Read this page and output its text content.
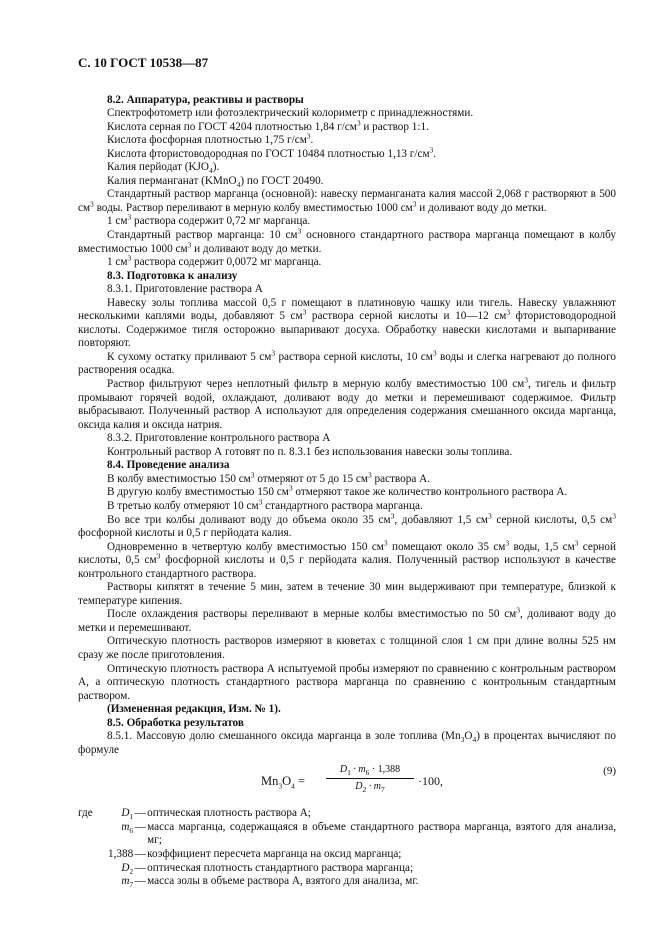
С. 10 ГОСТ 10538—87

8.2. Аппаратура, реактивы и растворы

Спектрофотометр или фотоэлектрический колориметр с принадлежностями.

Кислота серная по ГОСТ 4204 плотностью 1,84 $г/см^3$ и раствор 1:1.

Кислота фосфорная плотностью 1,75 $г/см^3$.

Кислота фтористоводородная по ГОСТ 10484 плотностью 1,13 $г/см^3$.

Калия перйодат $(KJO_4)$.

Калия перманганат (KMnO$_4$) по ГОСТ 20490.

Стандартный раствор марганца (основной): навеску перманганата калия массой 2,068 г растворяют в 500 $см^3$ воды. Раствор переливают в мерную колбу вместимостью 1000 $см^3$ и доливают воду до метки.

1 $см^3$ раствора содержит 0,72 мг марганца.

Стандартный раствор марганца: 10 $см^3$ основного стандартного раствора марганца помещают в колбу вместимостью 1000 $см^3$ и доливают воду до метки.

1 $см^3$ раствора содержит 0,0072 мг марганца.

8.3. Подготовка к анализу

8.3.1. Приготовление раствора А

Навеску золы топлива массой 0,5 г помещают в платиновую чашку или тигель. Навеску увлажняют несколькими каплями воды, добавляют 5 $см^3$ раствора серной кислоты и 10—12 $см^3$ фтористоводородной кислоты. Содержимое тигля осторожно выпаривают досуха. Обработку навески кислотами и выпаривание повторяют.

К сухому остатку приливают 5 $см^3$ раствора серной кислоты, 10 $см^3$ воды и слегка нагревают до полного растворения осадка.

Раствор фильтруют через неплотный фильтр в мерную колбу вместимостью 100 $см^3$, тигель и фильтр промывают горячей водой, охлаждают, доливают воду до метки и перемешивают содержимое. Фильтр выбрасывают. Полученный раствор А используют для определения содержания смешанного оксида марганца, оксида калия и оксида натрия.

8.3.2. Приготовление контрольного раствора А

Контрольный раствор А готовят по п. 8.3.1 без использования навески золы топлива.

8.4. Проведение анализа

В колбу вместимостью 150 $см^3$ отмеряют от 5 до 15 $см^3$ раствора А.

В другую колбу вместимостью 150 $см^3$ отмеряют такое же количество контрольного раствора А.

В третью колбу отмеряют 10 $см^3$ стандартного раствора марганца.

Во все три колбы доливают воду до объема около 35 $см^3$, добавляют 1,5 $см^3$ серной кислоты, 0,5 $см^3$ фосфорной кислоты и 0,5 г перйодата калия.

Одновременно в четвертую колбу вместимостью 150 $см^3$ помещают около 35 $см^3$ воды, 1,5 $см^3$ серной кислоты, 0,5 $см^3$ фосфорной кислоты и 0,5 г перйодата калия. Полученный раствор используют в качестве контрольного стандартного раствора.

Растворы кипятят в течение 5 мин, затем в течение 30 мин выдерживают при температуре, близкой к температуре кипения.

После охлаждения растворы переливают в мерные колбы вместимостью по 50 $см^3$, доливают воду до метки и перемешивают.

Оптическую плотность растворов измеряют в кюветах с толщиной слоя 1 см при длине волны 525 нм сразу же после приготовления.

Оптическую плотность раствора А испытуемой пробы измеряют по сравнению с контрольным раствором А, а оптическую плотность стандартного раствора марганца по сравнению с контрольным стандартным раствором.

(Измененная редакция, Изм. № 1).

8.5. Обработка результатов

8.5.1. Массовую долю смешанного оксида марганца в золе топлива $(Mn_3O_4)$ в процентах вычисляют по формуле

$Mn_3O_4 = \frac{D_1 \cdot m_6 \cdot 1,388}{D_2 \cdot m_7} \cdot 100$,
(9)
где	$D_1$	—	оптическая плотность раствора А;
	$m_6$	—	масса марганца, содержащаяся в объеме стандартного раствора марганца, взятого для анализа, мг;
	1,388	—	коэффициент пересчета марганца на оксид марганца;
	$D_2$	—	оптическая плотность стандартного раствора марганца;
	$m_7$	—	масса золы в объеме раствора А, взятого для анализа, мг.
